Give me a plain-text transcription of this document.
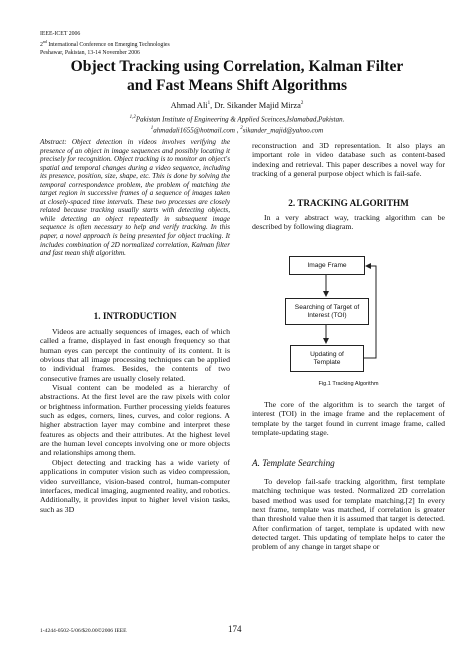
IEEE-ICET 2006
2nd International Conference on Emerging Technologies
Peshawar, Pakistan, 13-14 November 2006
Object Tracking using Correlation, Kalman Filter
and Fast Means Shift Algorithms
Ahmad Ali$^1$, Dr. Sikander Majid Mirza$^2$
$^{1,2}$Pakistan Institute of Engineering & Applied Sceinces,Islamabad,Pakistan.
$^1$ahmadali1655@hotmail.com , $^2$sikander_majid@yahoo.com
Abstract: Object detection in videos involves verifying the presence of an object in image sequences and possibly locating it precisely for recognition. Object tracking is to monitor an object's spatial and temporal changes during a video sequence, including its presence, position, size, shape, etc. This is done by solving the temporal correspondence problem, the problem of matching the target region in successive frames of a sequence of images taken at closely-spaced time intervals. These two processes are closely related because tracking usually starts with detecting objects, while detecting an object repeatedly in subsequent image sequence is often necessary to help and verify tracking. In this paper, a novel approach is being presented for object tracking. It includes combination of 2D normalized correlation, Kalman filter and fast mean shift algorithm.
1. INTRODUCTION

Videos are actually sequences of images, each of which called a frame, displayed in fast enough frequency so that human eyes can percept the continuity of its content. It is obvious that all image processing techniques can be applied to individual frames. Besides, the contents of two consecutive frames are usually closely related.

Visual content can be modeled as a hierarchy of abstractions. At the first level are the raw pixels with color or brightness information. Further processing yields features such as edges, corners, lines, curves, and color regions. A higher abstraction layer may combine and interpret these features as objects and their attributes. At the highest level are the human level concepts involving one or more objects and relationships among them.

Object detecting and tracking has a wide variety of applications in computer vision such as video compression, video surveillance, vision-based control, human-computer interfaces, medical imaging, augmented reality, and robotics. Additionally, it provides input to higher level vision tasks, such as 3D

reconstruction and 3D representation. It also plays an important role in video database such as content-based indexing and retrieval. This paper describes a novel way for tracking of a general purpose object which is fail-safe.
2. TRACKING ALGORITHM

In a very abstract way, tracking algorithm can be described by following diagram.

Image Frame
Searching of Target of
Interest (TOI)
Updating of
Template
Fig.1 Tracking Algorithm

The core of the algorithm is to search the target of interest (TOI) in the image frame and the replacement of template by the target found in current image frame, called template-updating stage.

A. Template Searching

To develop fail-safe tracking algorithm, first template matching technique was tested. Normalized 2D correlation based method was used for template matching.[2] In every next frame, template was matched, if correlation is greater than threshold value then it is assumed that target is detected. After confirmation of target, template is updated with new detected target. This updating of template helps to cater the problem of any change in target shape or

1-4244-0502-5/06/$20.00©2006 IEEE	174
